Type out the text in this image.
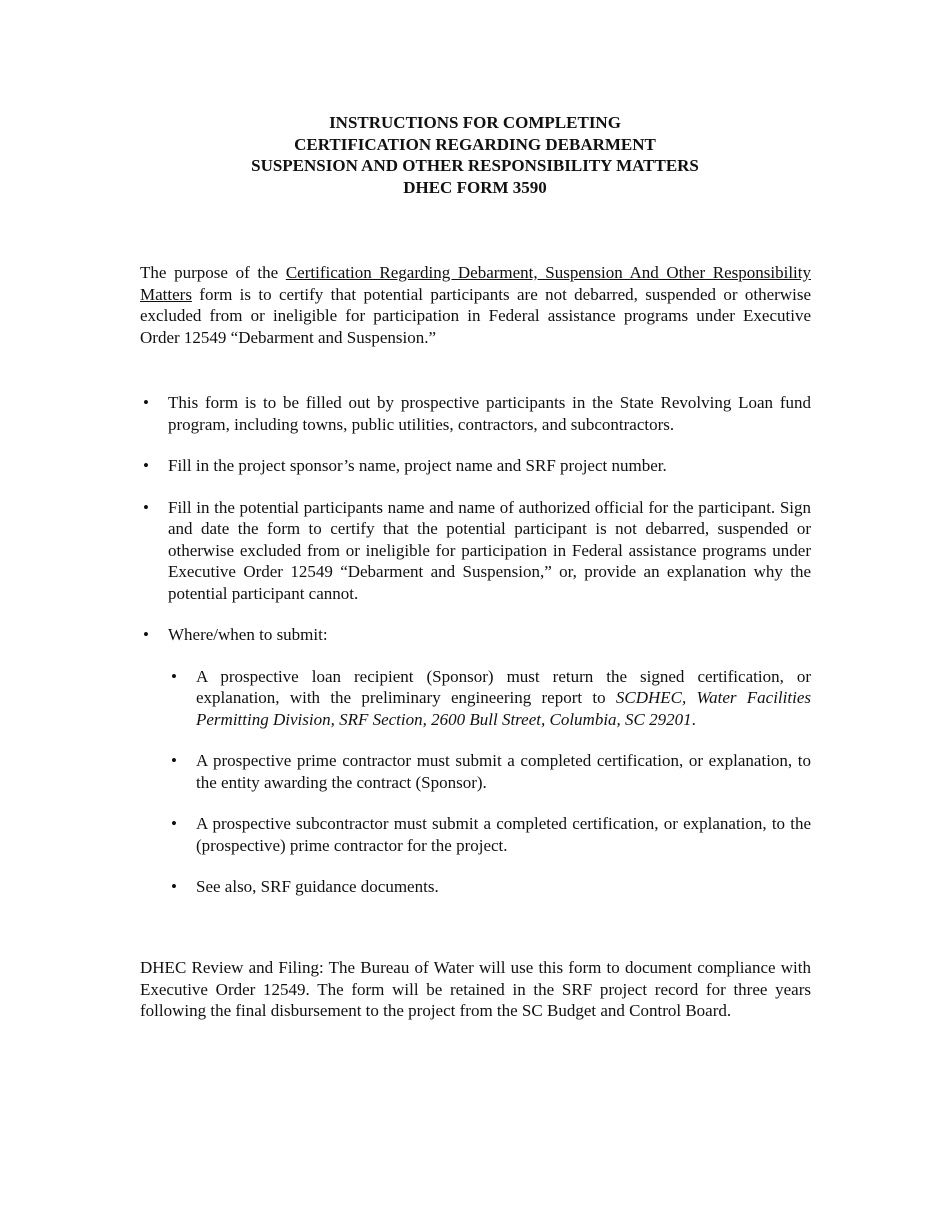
INSTRUCTIONS FOR COMPLETING
CERTIFICATION REGARDING DEBARMENT
SUSPENSION AND OTHER RESPONSIBILITY MATTERS
DHEC FORM 3590
The purpose of the Certification Regarding Debarment, Suspension And Other Responsibility Matters form is to certify that potential participants are not debarred, suspended or otherwise excluded from or ineligible for participation in Federal assistance programs under Executive Order 12549 “Debarment and Suspension.”
• This form is to be filled out by prospective participants in the State Revolving Loan fund program, including towns, public utilities, contractors, and subcontractors.
• Fill in the project sponsor’s name, project name and SRF project number.
• Fill in the potential participants name and name of authorized official for the participant. Sign and date the form to certify that the potential participant is not debarred, suspended or otherwise excluded from or ineligible for participation in Federal assistance programs under Executive Order 12549 “Debarment and Suspension,” or, provide an explanation why the potential participant cannot.
• Where/when to submit:
• A prospective loan recipient (Sponsor) must return the signed certification, or explanation, with the preliminary engineering report to SCDHEC, Water Facilities Permitting Division, SRF Section, 2600 Bull Street, Columbia, SC 29201.
• A prospective prime contractor must submit a completed certification, or explanation, to the entity awarding the contract (Sponsor).
• A prospective subcontractor must submit a completed certification, or explanation, to the (prospective) prime contractor for the project.
• See also, SRF guidance documents.
DHEC Review and Filing: The Bureau of Water will use this form to document compliance with Executive Order 12549. The form will be retained in the SRF project record for three years following the final disbursement to the project from the SC Budget and Control Board.
